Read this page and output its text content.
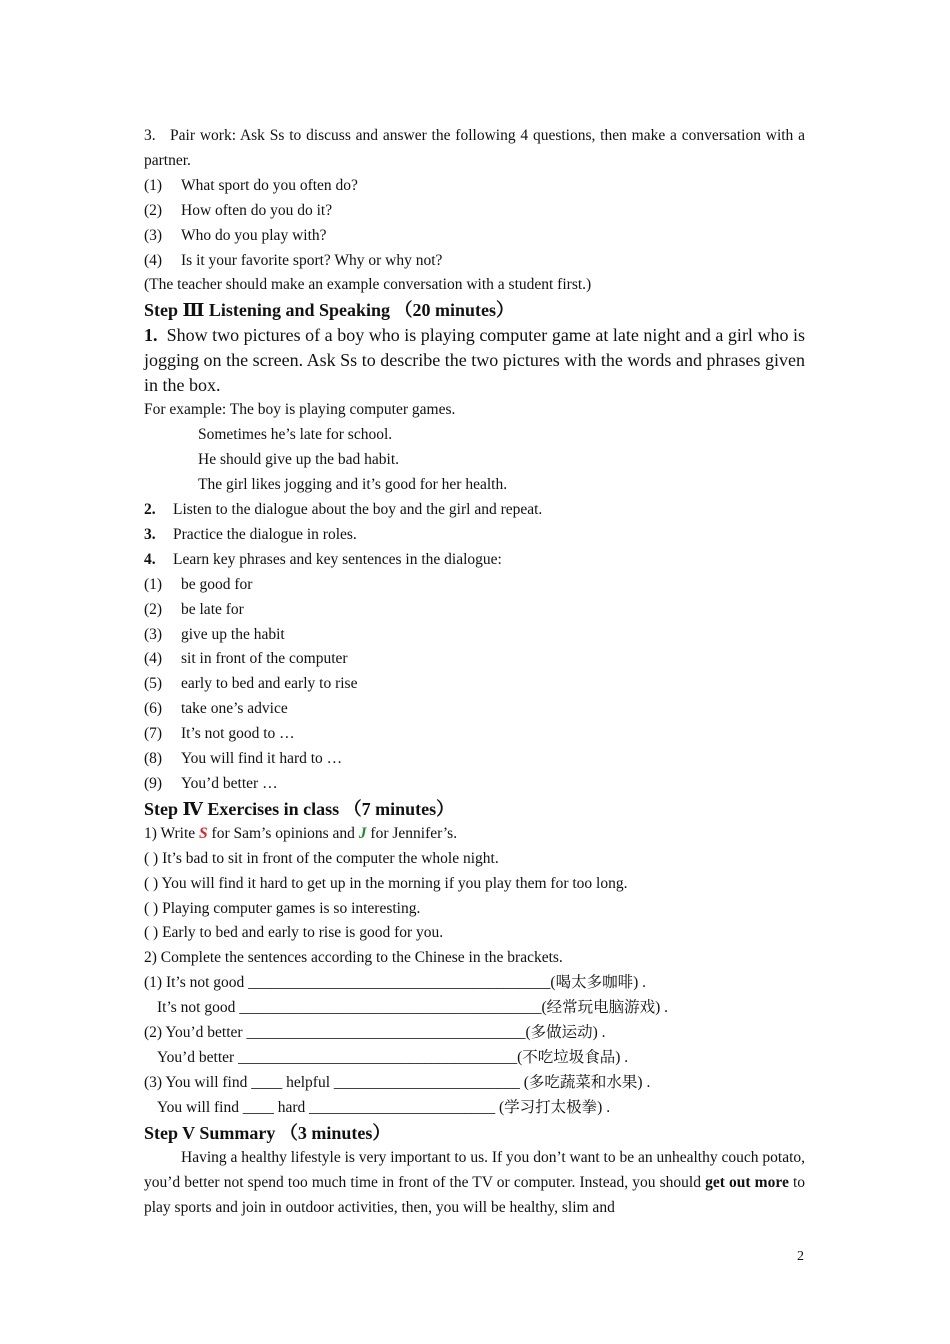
3.   Pair work: Ask Ss to discuss and answer the following 4 questions, then make a conversation with a partner.
(1) What sport do you often do?
(2) How often do you do it?
(3) Who do you play with?
(4) Is it your favorite sport? Why or why not?
(The teacher should make an example conversation with a student first.)
Step Ⅲ Listening and Speaking （20 minutes）
1. Show two pictures of a boy who is playing computer game at late night and a girl who is jogging on the screen. Ask Ss to describe the two pictures with the words and phrases given in the box.
For example: The boy is playing computer games.
Sometimes he’s late for school.
He should give up the bad habit.
The girl likes jogging and it’s good for her health.
2. Listen to the dialogue about the boy and the girl and repeat.
3. Practice the dialogue in roles.
4. Learn key phrases and key sentences in the dialogue:
(1) be good for
(2) be late for
(3) give up the habit
(4) sit in front of the computer
(5) early to bed and early to rise
(6) take one’s advice
(7) It’s not good to …
(8) You will find it hard to …
(9) You’d better …
Step Ⅳ Exercises in class （7 minutes）
1) Write S for Sam’s opinions and J for Jennifer’s.
( ) It’s bad to sit in front of the computer the whole night.
( ) You will find it hard to get up in the morning if you play them for too long.
( ) Playing computer games is so interesting.
( ) Early to bed and early to rise is good for you.
2) Complete the sentences according to the Chinese in the brackets.
(1) It’s not good _______________________________________(喝太多咖啡) .
It’s not good _______________________________________(经常玩电脑游戏) .
(2) You’d better ____________________________________(多做运动) .
You’d better ____________________________________(不吃垃圾食品) .
(3) You will find ____ helpful ________________________ (多吃蔬菜和水果) .
You will find ____ hard ________________________ (学习打太极拳) .
Step V Summary （3 minutes）
Having a healthy lifestyle is very important to us. If you don’t want to be an unhealthy couch potato, you’d better not spend too much time in front of the TV or computer. Instead, you should get out more to play sports and join in outdoor activities, then, you will be healthy, slim and
2
